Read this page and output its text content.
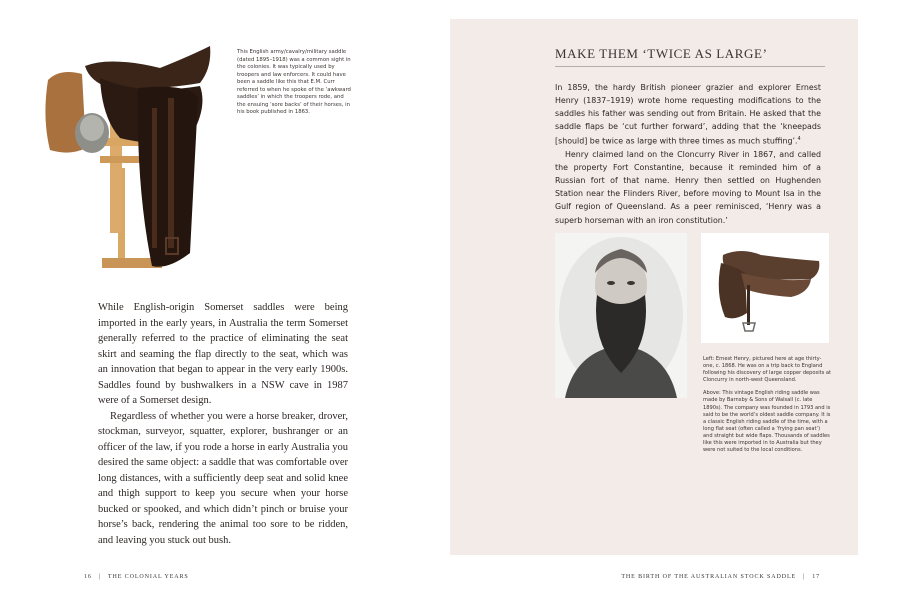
This English army/cavalry/military saddle (dated 1895–1918) was a common sight in the colonies. It was typically used by troopers and law enforcers. It could have been a saddle like this that E.M. Curr referred to when he spoke of the ‘awkward saddles’ in which the troopers rode, and the ensuing ‘sore backs’ of their horses, in his book published in 1863.

While English-origin Somerset saddles were being imported in the early years, in Australia the term Somerset generally referred to the practice of eliminating the seat skirt and seaming the flap directly to the seat, which was an innovation that began to appear in the very early 1900s. Saddles found by bushwalkers in a NSW cave in 1987 were of a Somerset design.

Regardless of whether you were a horse breaker, drover, stockman, surveyor, squatter, explorer, bushranger or an officer of the law, if you rode a horse in early Australia you desired the same object: a saddle that was comfortable over long distances, with a sufficiently deep seat and solid knee and thigh support to keep you secure when your horse bucked or spooked, and which didn’t pinch or bruise your horse’s back, rendering the animal too sore to be ridden, and leaving you stuck out bush.

MAKE THEM ‘TWICE AS LARGE’

In 1859, the hardy British pioneer grazier and explorer Ernest Henry (1837–1919) wrote home requesting modifications to the saddles his father was sending out from Britain. He asked that the saddle flaps be ‘cut further forward’, adding that the ‘kneepads [should] be twice as large with three times as much stuffing’.$^4$

Henry claimed land on the Cloncurry River in 1867, and called the property Fort Constantine, because it reminded him of a Russian fort of that name. Henry then settled on Hughenden Station near the Flinders River, before moving to Mount Isa in the Gulf region of Queensland. As a peer reminisced, ‘Henry was a superb horseman with an iron constitution.’

Left: Ernest Henry, pictured here at age thirty-one, c. 1868. He was on a trip back to England following his discovery of large copper deposits at Cloncurry in north-west Queensland.

Above: This vintage English riding saddle was made by Barnsby & Sons of Walsall (c. late 1890s). The company was founded in 1793 and is said to be the world’s oldest saddle company. It is a classic English riding saddle of the time, with a long flat seat (often called a ‘frying pan seat’) and straight but wide flaps. Thousands of saddles like this were imported in to Australia but they were not suited to the local conditions.

16 | THE COLONIAL YEARS	THE BIRTH OF THE AUSTRALIAN STOCK SADDLE | 17
